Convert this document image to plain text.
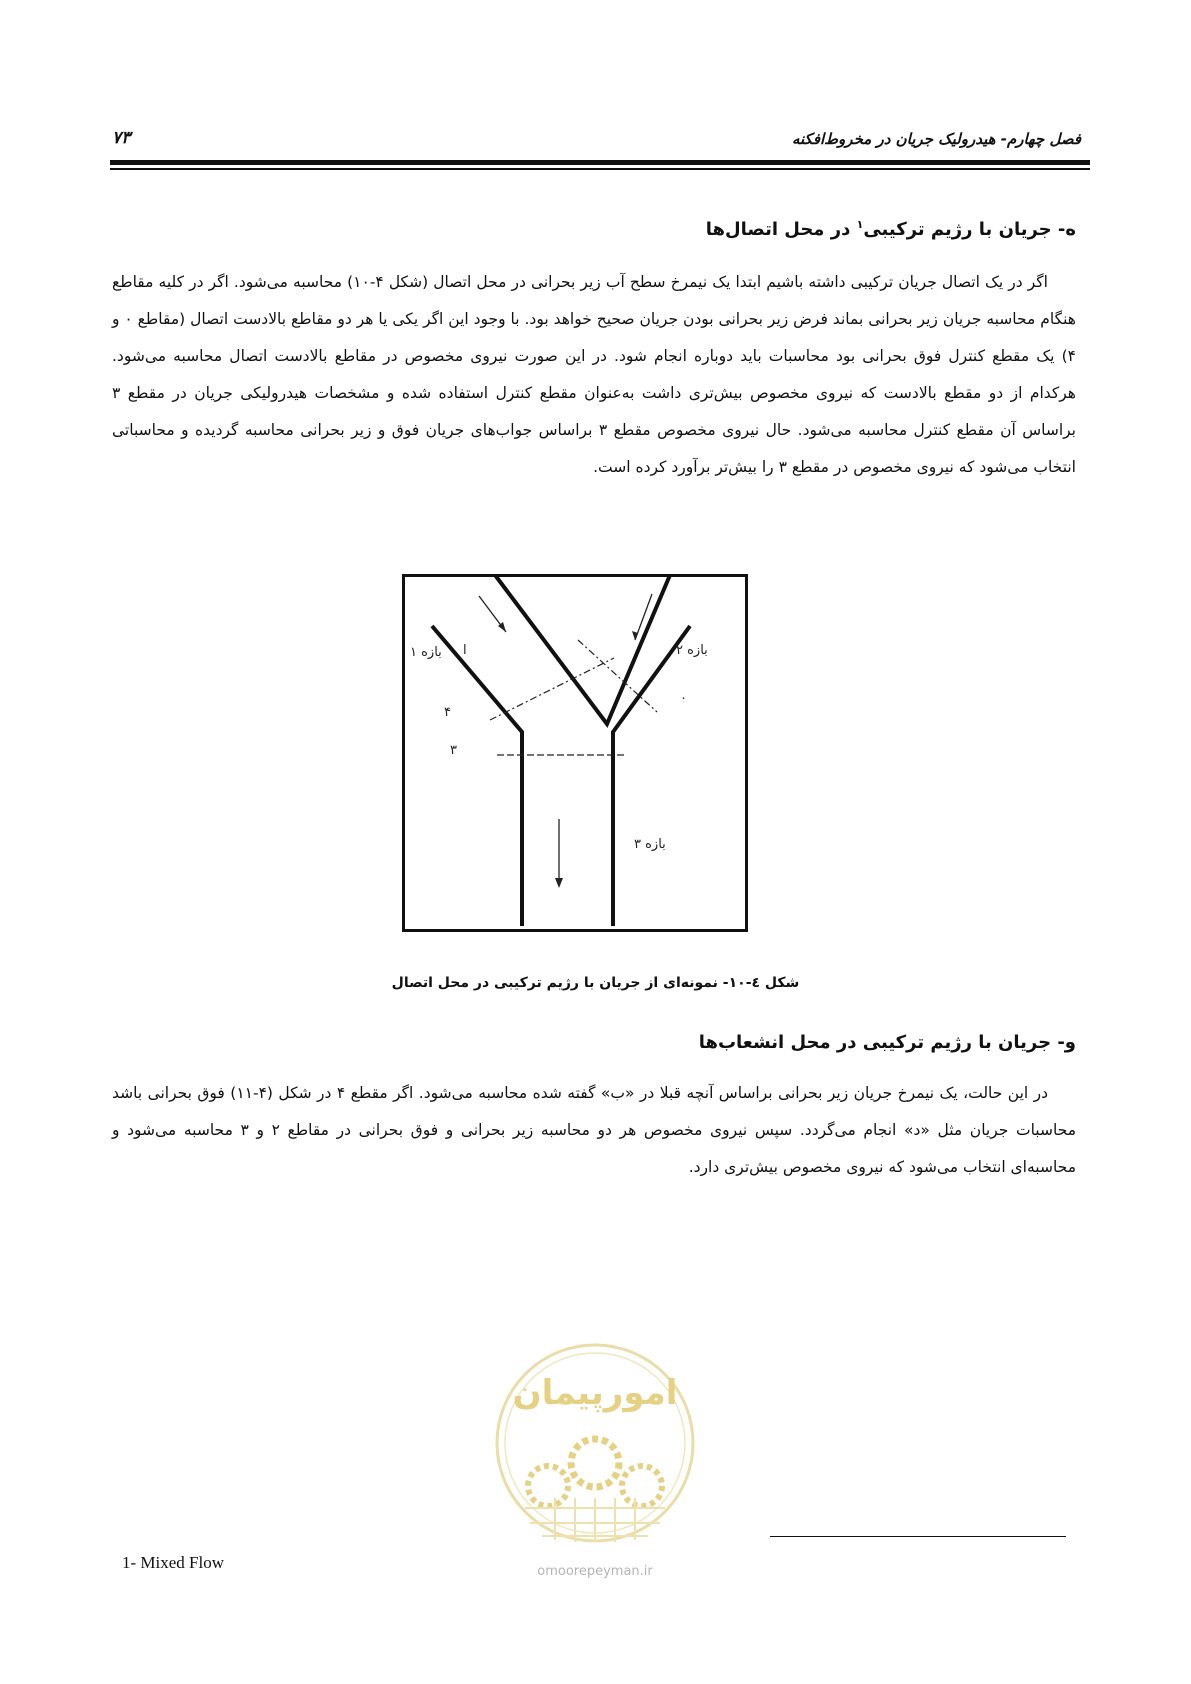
فصل چهارم- هیدرولیک جریان در مخروط‌افکنه
۷۳
ه- جریان با رژیم ترکیبی$^۱$ در محل اتصال‌ها
اگر در یک اتصال جریان ترکیبی داشته باشیم ابتدا یک نیمرخ سطح آب زیر بحرانی در محل اتصال (شکل ۴-۱۰) محاسبه می‌شود. اگر در کلیه مقاطع هنگام محاسبه جریان زیر بحرانی بماند فرض زیر بحرانی بودن جریان صحیح خواهد بود. با وجود این اگر یکی یا هر دو مقاطع بالادست اتصال (مقاطع ۰ و ۴) یک مقطع کنترل فوق بحرانی بود محاسبات باید دوباره انجام شود. در این صورت نیروی مخصوص در مقاطع بالادست اتصال محاسبه می‌شود. هرکدام از دو مقطع بالادست که نیروی مخصوص بیش‌تری داشت به‌عنوان مقطع کنترل استفاده شده و مشخصات هیدرولیکی جریان در مقطع ۳ براساس آن مقطع کنترل محاسبه می‌شود. حال نیروی مخصوص مقطع ۳ براساس جواب‌های جریان فوق و زیر بحرانی محاسبه گردیده و محاسباتی انتخاب می‌شود که نیروی مخصوص در مقطع ۳ را بیش‌تر برآورد کرده است.
بازه ۱ ا	بازه ۲
۴
۳
۰
بازه ۳
شکل ٤-١٠- نمونه‌ای از جریان با رژیم ترکیبی در محل اتصال
و- جریان با رژیم ترکیبی در محل انشعاب‌ها
در این حالت، یک نیمرخ جریان زیر بحرانی براساس آنچه قبلا در «ب» گفته شده محاسبه می‌شود. اگر مقطع ۴ در شکل (۴-۱۱) فوق بحرانی باشد محاسبات جریان مثل «د» انجام می‌گردد. سپس نیروی مخصوص هر دو محاسبه زیر بحرانی و فوق بحرانی در مقاطع ۲ و ۳ محاسبه می‌شود و محاسبه‌ای انتخاب می‌شود که نیروی مخصوص بیش‌تری دارد.
امورپیمان
omoorepeyman.ir
1- Mixed Flow
